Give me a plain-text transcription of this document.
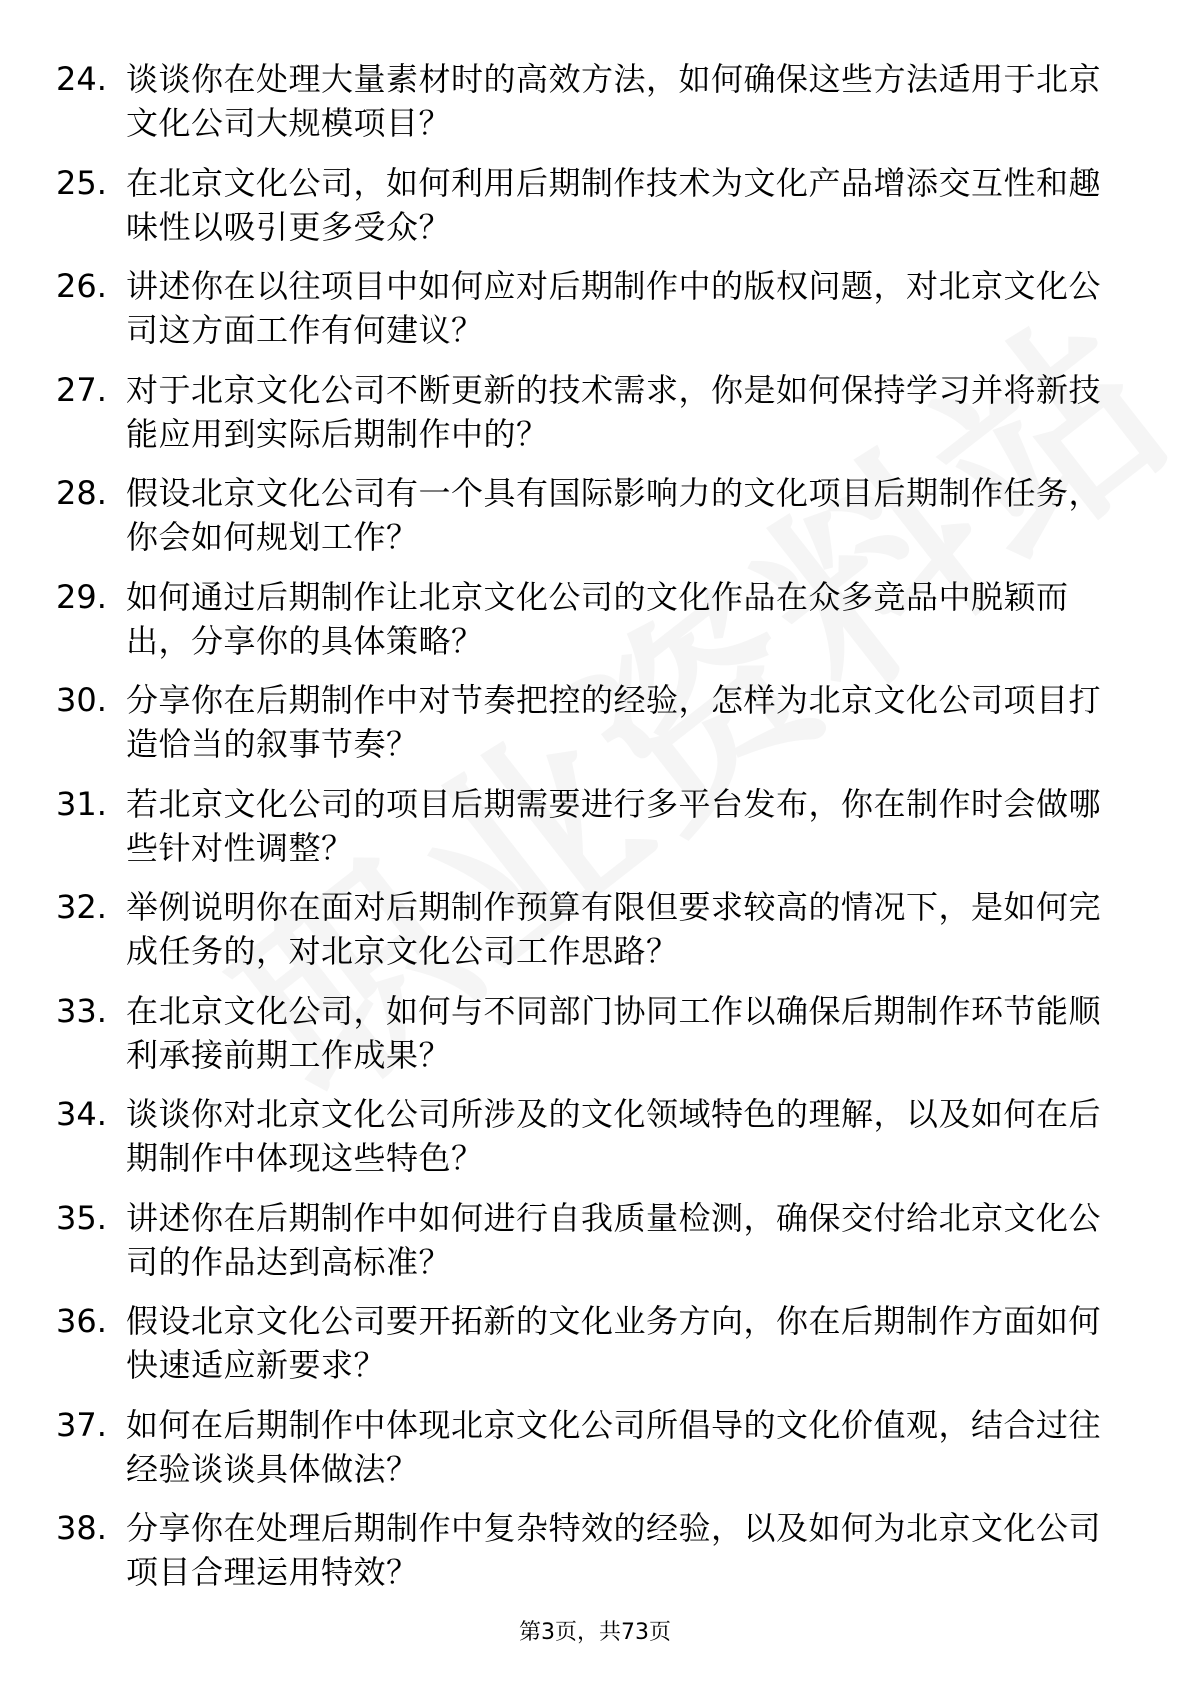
24. 谈谈你在处理大量素材时的高效方法，如何确保这些方法适用于北京文化公司大规模项目？
25. 在北京文化公司，如何利用后期制作技术为文化产品增添交互性和趣味性以吸引更多受众？
26. 讲述你在以往项目中如何应对后期制作中的版权问题，对北京文化公司这方面工作有何建议？
27. 对于北京文化公司不断更新的技术需求，你是如何保持学习并将新技能应用到实际后期制作中的？
28. 假设北京文化公司有一个具有国际影响力的文化项目后期制作任务，你会如何规划工作？
29. 如何通过后期制作让北京文化公司的文化作品在众多竞品中脱颖而出，分享你的具体策略？
30. 分享你在后期制作中对节奏把控的经验，怎样为北京文化公司项目打造恰当的叙事节奏？
31. 若北京文化公司的项目后期需要进行多平台发布，你在制作时会做哪些针对性调整？
32. 举例说明你在面对后期制作预算有限但要求较高的情况下，是如何完成任务的，对北京文化公司工作思路？
33. 在北京文化公司，如何与不同部门协同工作以确保后期制作环节能顺利承接前期工作成果？
34. 谈谈你对北京文化公司所涉及的文化领域特色的理解，以及如何在后期制作中体现这些特色？
35. 讲述你在后期制作中如何进行自我质量检测，确保交付给北京文化公司的作品达到高标准？
36. 假设北京文化公司要开拓新的文化业务方向，你在后期制作方面如何快速适应新要求？
37. 如何在后期制作中体现北京文化公司所倡导的文化价值观，结合过往经验谈谈具体做法？
38. 分享你在处理后期制作中复杂特效的经验，以及如何为北京文化公司项目合理运用特效？
第3页，共73页
